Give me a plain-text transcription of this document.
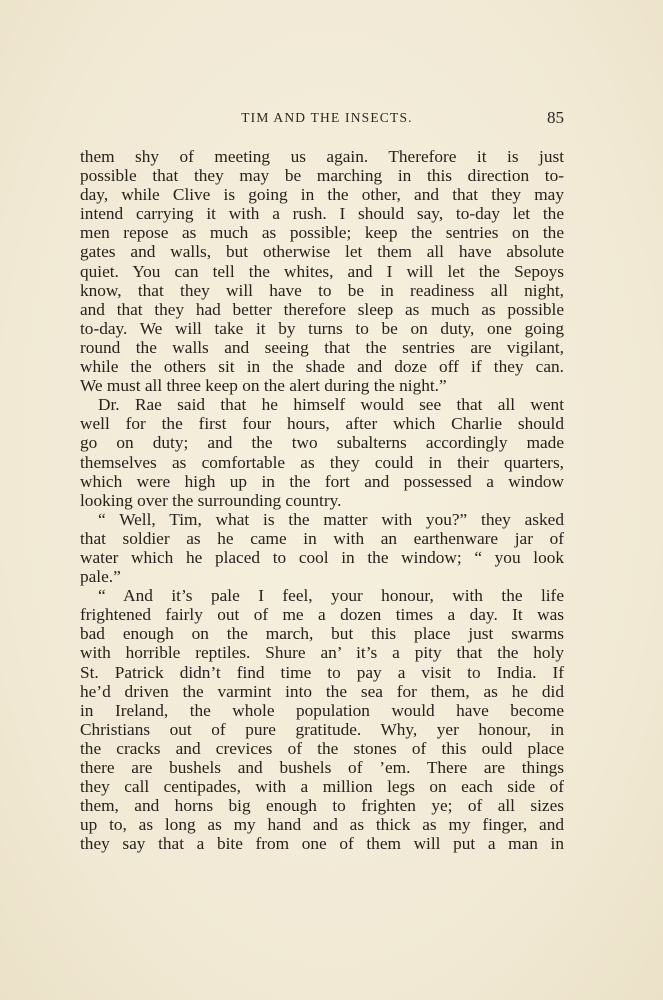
TIM AND THE INSECTS.	85
them shy of meeting us again. Therefore it is just
possible that they may be marching in this direction to-
day, while Clive is going in the other, and that they may
intend carrying it with a rush. I should say, to-day let the
men repose as much as possible; keep the sentries on the
gates and walls, but otherwise let them all have absolute
quiet. You can tell the whites, and I will let the Sepoys
know, that they will have to be in readiness all night,
and that they had better therefore sleep as much as possible
to-day. We will take it by turns to be on duty, one going
round the walls and seeing that the sentries are vigilant,
while the others sit in the shade and doze off if they can.
We must all three keep on the alert during the night.”
Dr. Rae said that he himself would see that all went
well for the first four hours, after which Charlie should
go on duty; and the two subalterns accordingly made
themselves as comfortable as they could in their quarters,
which were high up in the fort and possessed a window
looking over the surrounding country.
“ Well, Tim, what is the matter with you?” they asked
that soldier as he came in with an earthenware jar of
water which he placed to cool in the window; “ you look
pale.”
“ And it’s pale I feel, your honour, with the life
frightened fairly out of me a dozen times a day. It was
bad enough on the march, but this place just swarms
with horrible reptiles. Shure an’ it’s a pity that the holy
St. Patrick didn’t find time to pay a visit to India. If
he’d driven the varmint into the sea for them, as he did
in Ireland, the whole population would have become
Christians out of pure gratitude. Why, yer honour, in
the cracks and crevices of the stones of this ould place
there are bushels and bushels of ’em. There are things
they call centipades, with a million legs on each side of
them, and horns big enough to frighten ye; of all sizes
up to, as long as my hand and as thick as my finger, and
they say that a bite from one of them will put a man in
